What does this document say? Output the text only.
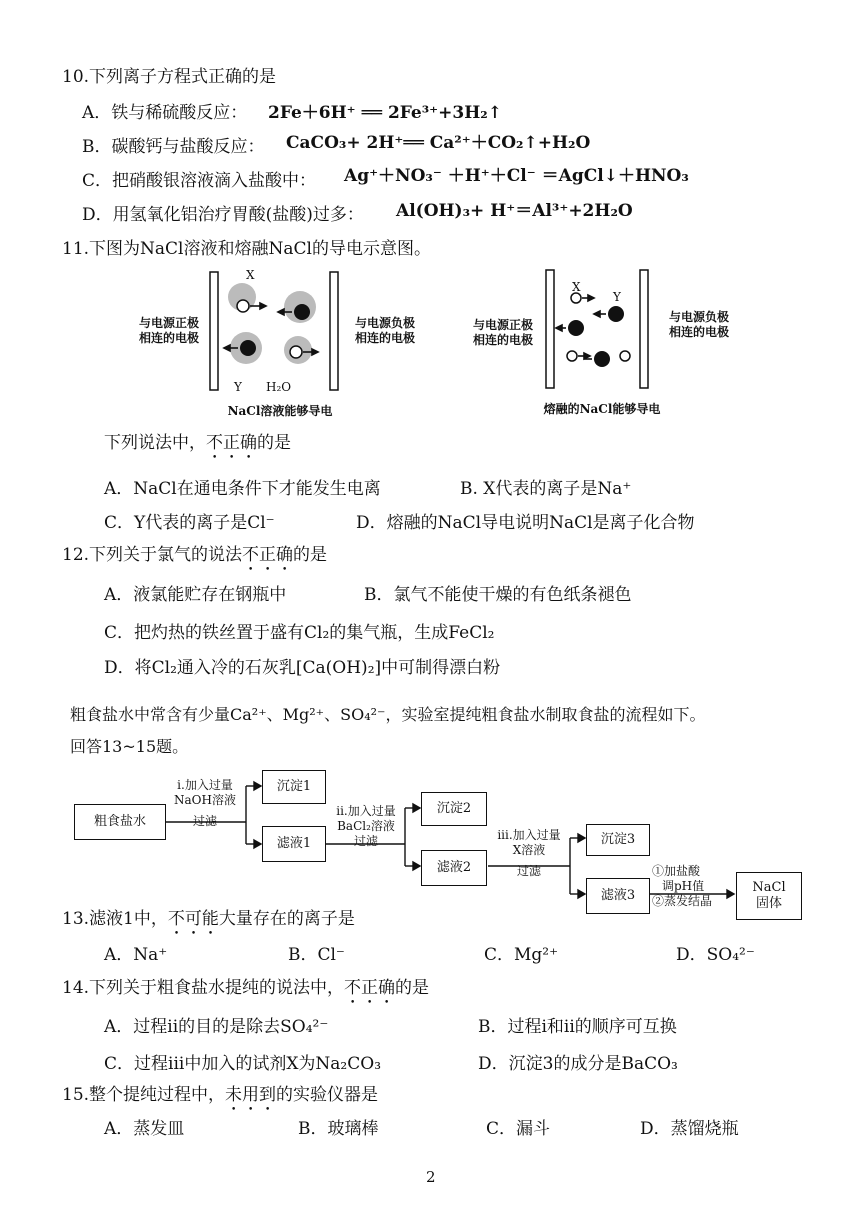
10.下列离子方程式正确的是
A．铁与稀硫酸反应： 2Fe＋6H⁺ ══ 2Fe³⁺+3H₂↑
B．碳酸钙与盐酸反应： CaCO₃+ 2H⁺══ Ca²⁺＋CO₂↑+H₂O
C．把硝酸银溶液滴入盐酸中： Ag⁺＋NO₃⁻ ＋H⁺＋Cl⁻ ＝AgCl↓＋HNO₃
D．用氢氧化铝治疗胃酸(盐酸)过多： Al(OH)₃+ H⁺＝Al³⁺+2H₂O
11.下图为NaCl溶液和熔融NaCl的导电示意图。
X
Y H₂O
与电源正极
相连的电极
与电源负极
相连的电极
NaCl溶液能够导电
X
Y
与电源正极
相连的电极
与电源负极
相连的电极
熔融的NaCl能够导电
下列说法中，不正确的是
A．NaCl在通电条件下才能发生电离	B. X代表的离子是Na⁺
C．Y代表的离子是Cl⁻	D．熔融的NaCl导电说明NaCl是离子化合物
12.下列关于氯气的说法不正确的是
A．液氯能贮存在钢瓶中	B．氯气不能使干燥的有色纸条褪色
C．把灼热的铁丝置于盛有Cl₂的集气瓶，生成FeCl₂
D．将Cl₂通入冷的石灰乳[Ca(OH)₂]中可制得漂白粉
粗食盐水中常含有少量Ca²⁺、Mg²⁺、SO₄²⁻，实验室提纯粗食盐水制取食盐的流程如下。
回答13~15题。
粗食盐水
i.加入过量
NaOH溶液
过滤
沉淀1
滤液1
ii.加入过量
BaCl₂溶液
过滤
沉淀2
滤液2
iii.加入过量
X溶液
过滤
沉淀3
滤液3
①加盐酸
调pH值
②蒸发结晶
NaCl
固体
13.滤液1中，不可能大量存在的离子是
A．Na⁺	B．Cl⁻	C．Mg²⁺	D．SO₄²⁻
14.下列关于粗食盐水提纯的说法中，不正确的是
A．过程ii的目的是除去SO₄²⁻	B．过程i和ii的顺序可互换
C．过程iii中加入的试剂X为Na₂CO₃	D．沉淀3的成分是BaCO₃
15.整个提纯过程中，未用到的实验仪器是
A．蒸发皿	B．玻璃棒	C．漏斗	D．蒸馏烧瓶
2
